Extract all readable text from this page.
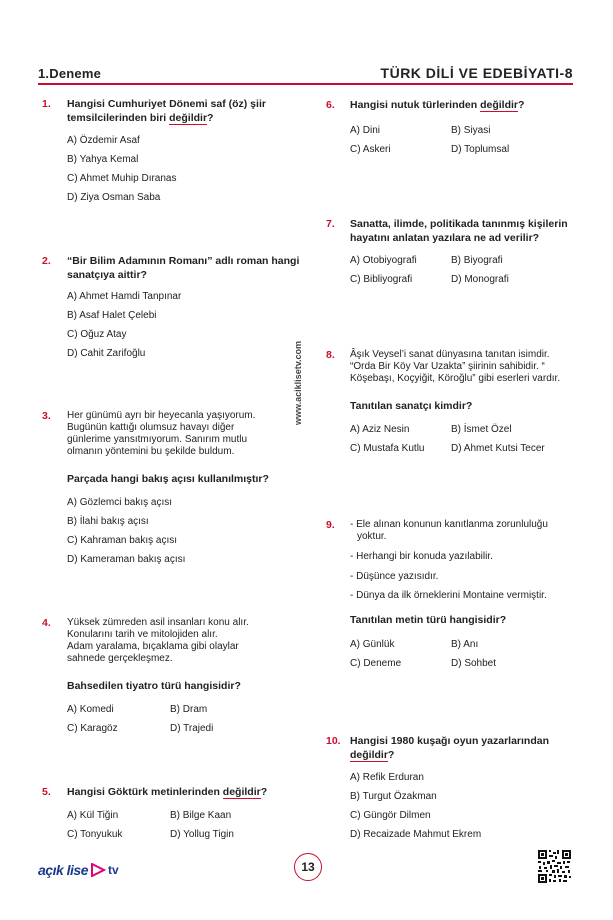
1.Deneme	TÜRK DİLİ VE EDEBİYATI-8
www.aciklisetv.com
1. Hangisi Cumhuriyet Dönemi saf (öz) şiir
temsilcilerinden biri değildir?
A) Özdemir Asaf
B) Yahya Kemal
C) Ahmet Muhip Dıranas
D) Ziya Osman Saba
2. “Bir Bilim Adamının Romanı” adlı roman hangi
sanatçıya aittir?
A) Ahmet Hamdi Tanpınar
B) Asaf Halet Çelebi
C) Oğuz Atay
D) Cahit Zarifoğlu
3. Her günümü ayrı bir heyecanla yaşıyorum.
Bugünün kattığı olumsuz havayı diğer
günlerime yansıtmıyorum. Sanırım mutlu
olmanın yöntemini bu şekilde buldum.
Parçada hangi bakış açısı kullanılmıştır?
A) Gözlemci bakış açısı
B) İlahi bakış açısı
C) Kahraman bakış açısı
D) Kameraman bakış açısı
4. Yüksek zümreden asil insanları konu alır.
Konularını tarih ve mitolojiden alır.
Adam yaralama, bıçaklama gibi olaylar
sahnede gerçekleşmez.
Bahsedilen tiyatro türü hangisidir?
A) Komedi	B) Dram
C) Karagöz	D) Trajedi
5. Hangisi Göktürk metinlerinden değildir?
A) Kül Tiğin	B) Bilge Kaan
C) Tonyukuk	D) Yollug Tigin
6. Hangisi nutuk türlerinden değildir?
A) Dini	B) Siyasi
C) Askeri	D) Toplumsal
7. Sanatta, ilimde, politikada tanınmış kişilerin
hayatını anlatan yazılara ne ad verilir?
A) Otobiyografi	B) Biyografi
C) Bibliyografi	D) Monografi
8. Âşık Veysel’i sanat dünyasına tanıtan isimdir.
“Orda Bir Köy Var Uzakta” şiirinin sahibidir. “
Köşebaşı, Koçyiğit, Köroğlu” gibi eserleri vardır.
Tanıtılan sanatçı kimdir?
A) Aziz Nesin	B) İsmet Özel
C) Mustafa Kutlu	D) Ahmet Kutsi Tecer
9. - Ele alınan konunun kanıtlanma zorunluluğu
yoktur.
- Herhangi bir konuda yazılabilir.
- Düşünce yazısıdır.
- Dünya da ilk örneklerini Montaine vermiştir.
Tanıtılan metin türü hangisidir?
A) Günlük	B) Anı
C) Deneme	D) Sohbet
10. Hangisi 1980 kuşağı oyun yazarlarından
değildir?
A) Refik Erduran
B) Turgut Özakman
C) Güngör Dilmen
D) Recaizade Mahmut Ekrem
açık lise tv	13
